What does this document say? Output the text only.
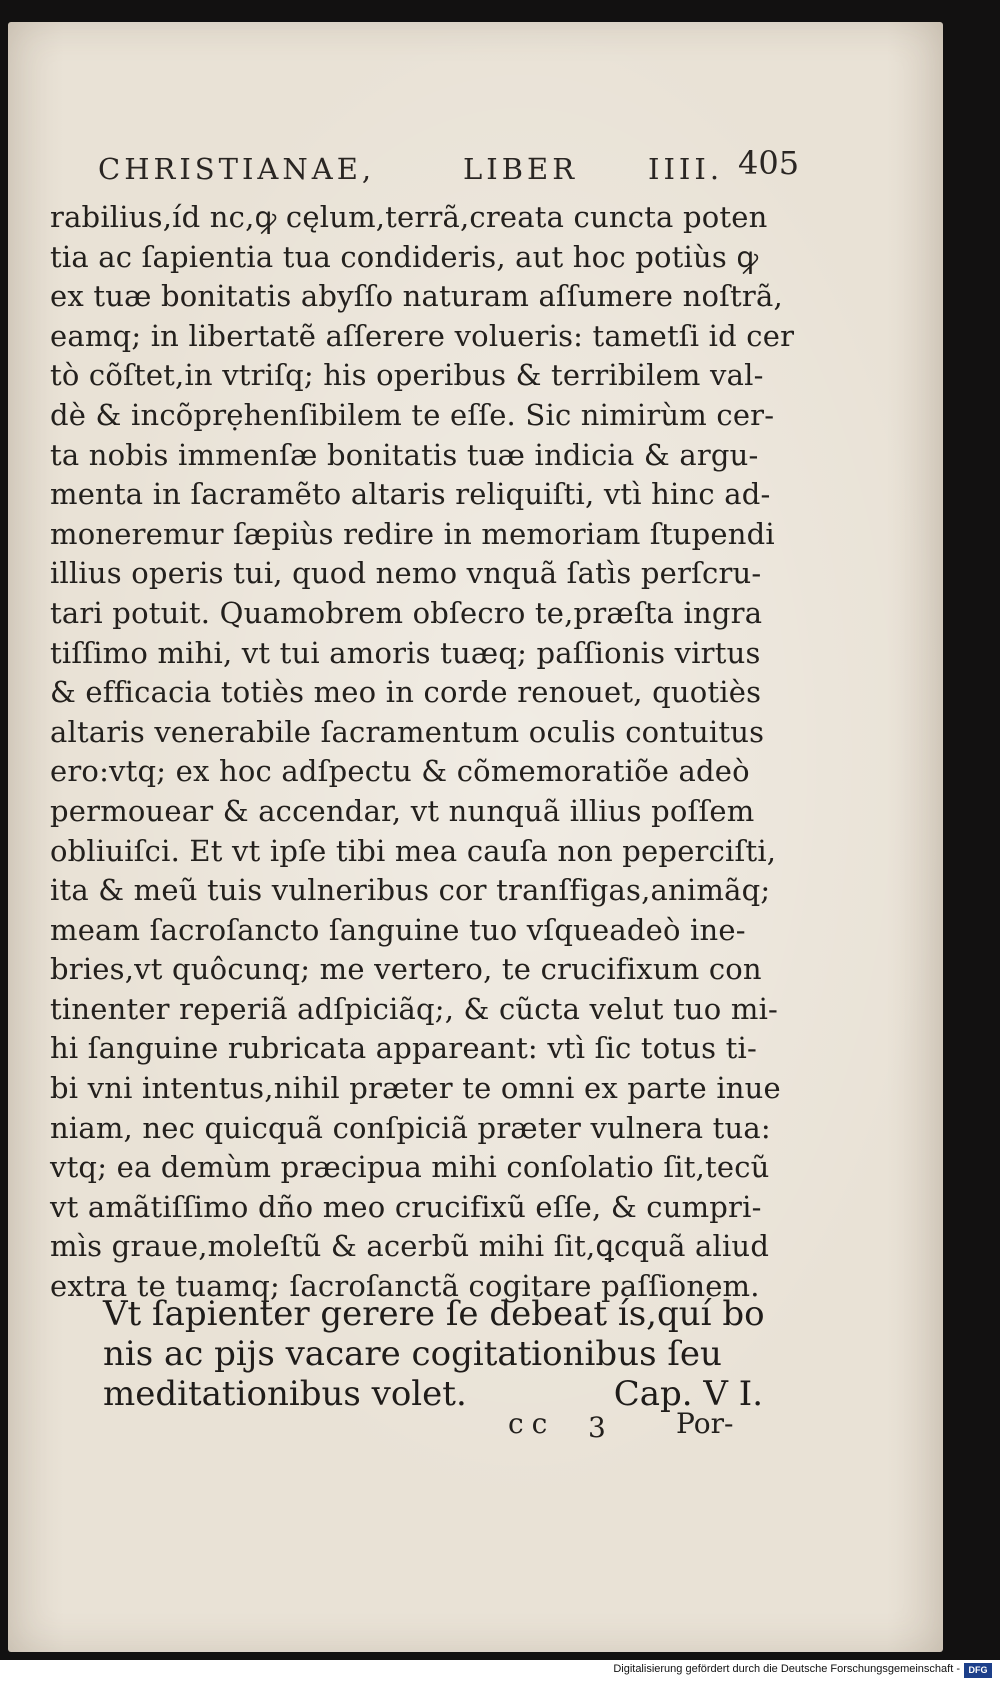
CHRISTIANAE,	LIBER IIII. 405
rabilius,íd nc,ꝙ cęlum,terrã,creata cuncta poten
tia ac ſapientia tua condideris, aut hoc potiùs ꝙ
ex tuæ bonitatis abyſſo naturam aſſumere noſtrã,
eamq; in libertatẽ aſſerere volueris: tametſi id cer
tò cõſtet,in vtriſq; his operibus & terribilem val-
dè & incõprẹhenſibilem te eſſe. Sic nimirùm cer-
ta nobis immenſæ bonitatis tuæ indicia & argu-
menta in ſacramẽto altaris reliquiſti, vtì hinc ad-
moneremur ſæpiùs redire in memoriam ſtupendi
illius operis tui, quod nemo vnquã ſatìs perſcru-
tari potuit. Quamobrem obſecro te,præſta ingra
tiſſimo mihi, vt tui amoris tuæq; paſſionis virtus
& efficacia totiès meo in corde renouet, quotiès
altaris venerabile ſacramentum oculis contuitus
ero:vtq; ex hoc adſpectu & cõmemoratiõe adeò
permouear & accendar, vt nunquã illius poſſem
obliuiſci. Et vt ipſe tibi mea cauſa non peperciſti,
ita & meũ tuis vulneribus cor tranſfigas,animãq;
meam ſacroſancto ſanguine tuo vſqueadeò ine-
bries,vt quôcunq; me vertero, te crucifixum con
tinenter reperiã adſpiciãq;, & cũcta velut tuo mi-
hi ſanguine rubricata appareant: vtì ſic totus ti-
bi vni intentus,nihil præter te omni ex parte inue
niam, nec quicquã conſpiciã præter vulnera tua:
vtq; ea demùm præcipua mihi conſolatio ſit,tecũ
vt amãtiſſimo dño meo crucifixũ eſſe, & cumpri-
mìs graue,moleſtũ & acerbũ mihi ſit,ꝗcquã aliud
extra te tuamq; ſacroſanctã cogitare paſſionem.
Vt ſapienter gerere ſe debeat ís,quí bo
nis ac pijs vacare cogitationibus ſeu
meditationibus volet.	Cap. V I.
cc 3	Por-
Digitalisierung gefördert durch die Deutsche Forschungsgemeinschaft - DFG
